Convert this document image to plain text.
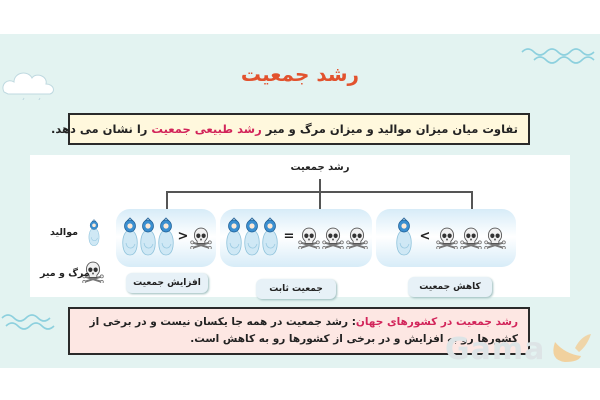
رشد جمعیت
تفاوت میان میزان موالید و میزان مرگ و میر رشد طبیعی جمعیت را نشان می دهد.
رشد جمعیت
موالید
مرگ و میر
>
افزایش جمعیت
=
جمعیت ثابت
<
کاهش جمعیت
رشد جمعیت در کشورهای جهان: رشد جمعیت در همه جا یکسان نیست و در برخی از کشورها رو به افزایش و در برخی از کشورها رو به کاهش است.
Gama
